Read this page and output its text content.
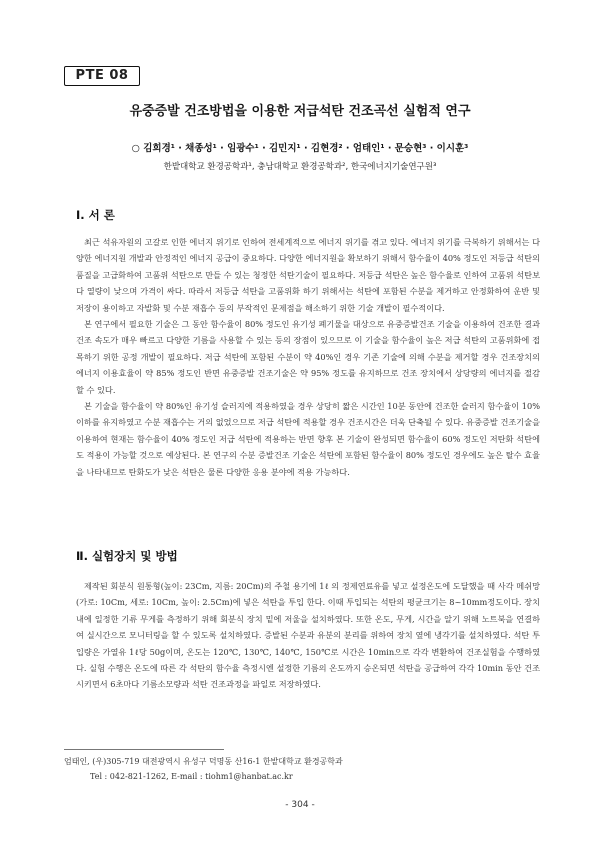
PTE 08
유중증발 건조방법을 이용한 저급석탄 건조곡선 실험적 연구
○ 김희경¹ · 채종성¹ · 임광수¹ · 김민지¹ · 김현경² · 엄태인¹ · 문승현³ · 이시훈³
한밭대학교 환경공학과¹, 충남대학교 환경공학과², 한국에너지기술연구원³
Ⅰ. 서 론

최근 석유자원의 고갈로 인한 에너지 위기로 인하여 전세계적으로 에너지 위기를 겪고 있다. 에너지 위기를 극복하기 위해서는 다양한 에너지원 개발과 안정적인 에너지 공급이 중요하다. 다양한 에너지원을 확보하기 위해서 함수율이 40% 정도인 저등급 석탄의 품질을 고급화하여 고품위 석탄으로 만들 수 있는 청정한 석탄기술이 필요하다. 저등급 석탄은 높은 함수율로 인하여 고품위 석탄보다 열량이 낮으며 가격이 싸다. 따라서 저등급 석탄을 고품위화 하기 위해서는 석탄에 포함된 수분을 제거하고 안정화하여 운반 및 저장이 용이하고 자발화 및 수분 재흡수 등의 부작적인 문제점을 해소하기 위한 기술 개발이 필수적이다.

본 연구에서 필요한 기술은 그 동안 함수율이 80% 정도인 유기성 폐기물을 대상으로 유중증발건조 기술을 이용하여 건조한 결과 건조 속도가 매우 빠르고 다양한 기름을 사용할 수 있는 등의 장점이 있으므로 이 기술을 함수율이 높은 저급 석탄의 고품위화에 접목하기 위한 공정 개발이 필요하다. 저급 석탄에 포함된 수분이 약 40%인 경우 기존 기술에 의해 수분을 제거할 경우 건조장치의 에너지 이용효율이 약 85% 정도인 반면 유중증발 건조기술은 약 95% 정도를 유지하므로 건조 장치에서 상당량의 에너지를 절감 할 수 있다.

본 기술을 함수율이 약 80%인 유기성 슬러지에 적용하였을 경우 상당히 짧은 시간인 10분 동안에 건조한 슬러지 함수율이 10% 이하를 유지하였고 수분 재흡수는 거의 없었으므로 저급 석탄에 적용할 경우 건조시간은 더욱 단축될 수 있다. 유중증발 건조기술을 이용하여 현재는 함수율이 40% 정도인 저급 석탄에 적용하는 반면 향후 본 기술이 완성되면 함수율이 60% 정도인 저탄화 석탄에도 적용이 가능할 것으로 예상된다. 본 연구의 수분 증발건조 기술은 석탄에 포함된 함수율이 80% 정도인 경우에도 높은 탈수 효율을 나타내므로 탄화도가 낮은 석탄은 물론 다양한 응용 분야에 적용 가능하다.

Ⅱ. 실험장치 및 방법

제작된 회분식 원통형(높이: 23Cm, 지름: 20Cm)의 주철 용기에 1ℓ 의 정제연료유를 넣고 설정온도에 도달했을 때 사각 메쉬망(가로: 10Cm, 세로: 10Cm, 높이: 2.5Cm)에 넣은 석탄을 투입 한다. 이때 투입되는 석탄의 평균크기는 8~10mm정도이다. 장치 내에 일정한 기류 무게를 측정하기 위해 회분식 장치 밑에 저울을 설치하였다. 또한 온도, 무게, 시간을 알기 위해 노트북을 연결하여 실시간으로 모니터링을 할 수 있도록 설치하였다. 증발된 수분과 유분의 분리를 위하여 장치 옆에 냉각기를 설치하였다. 석탄 투입량은 가열유 1ℓ당 50g이며, 온도는 120℃, 130℃, 140℃, 150℃로 시간은 10min으로 각각 변환하여 건조실험을 수행하였다. 실험 수행은 온도에 따른 각 석탄의 함수율 측정시엔 설정한 기름의 온도까지 승온되면 석탄을 공급하여 각각 10min 동안 건조시키면서 6초마다 기름소모량과 석탄 건조과정을 파일로 저장하였다.

엄태인, (우)305-719 대전광역시 유성구 덕명동 산16-1 한밭대학교 환경공학과
Tel : 042-821-1262, E-mail : tiohm1@hanbat.ac.kr
- 304 -
